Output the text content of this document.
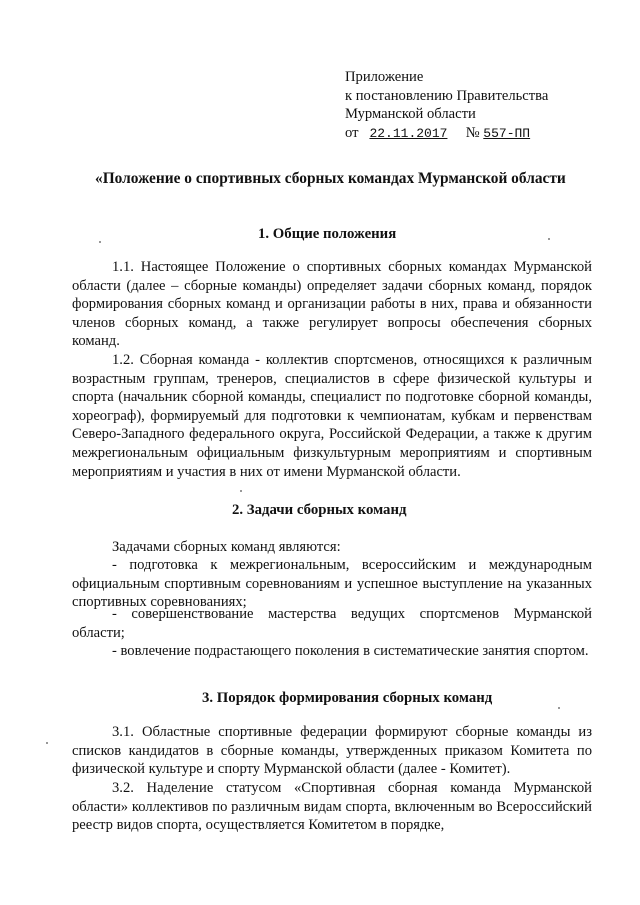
Приложение
к постановлению Правительства
Мурманской области
от 22.11.2017 № 557-ПП
«Положение о спортивных сборных командах Мурманской области
1. Общие положения
1.1. Настоящее Положение о спортивных сборных командах Мурманской области (далее – сборные команды) определяет задачи сборных команд, порядок формирования сборных команд и организации работы в них, права и обязанности членов сборных команд, а также регулирует вопросы обеспечения сборных команд.
1.2. Сборная команда - коллектив спортсменов, относящихся к различным возрастным группам, тренеров, специалистов в сфере физической культуры и спорта (начальник сборной команды, специалист по подготовке сборной команды, хореограф), формируемый для подготовки к чемпионатам, кубкам и первенствам Северо-Западного федерального округа, Российской Федерации, а также к другим межрегиональным официальным физкультурным мероприятиям и спортивным мероприятиям и участия в них от имени Мурманской области.
2. Задачи сборных команд
Задачами сборных команд являются:
- подготовка к межрегиональным, всероссийским и международным официальным спортивным соревнованиям и успешное выступление на указанных спортивных соревнованиях;
- совершенствование мастерства ведущих спортсменов Мурманской области;
- вовлечение подрастающего поколения в систематические занятия спортом.
3. Порядок формирования сборных команд
3.1. Областные спортивные федерации формируют сборные команды из списков кандидатов в сборные команды, утвержденных приказом Комитета по физической культуре и спорту Мурманской области (далее - Комитет).
3.2. Наделение статусом «Спортивная сборная команда Мурманской области» коллективов по различным видам спорта, включенным во Всероссийский реестр видов спорта, осуществляется Комитетом в порядке,
